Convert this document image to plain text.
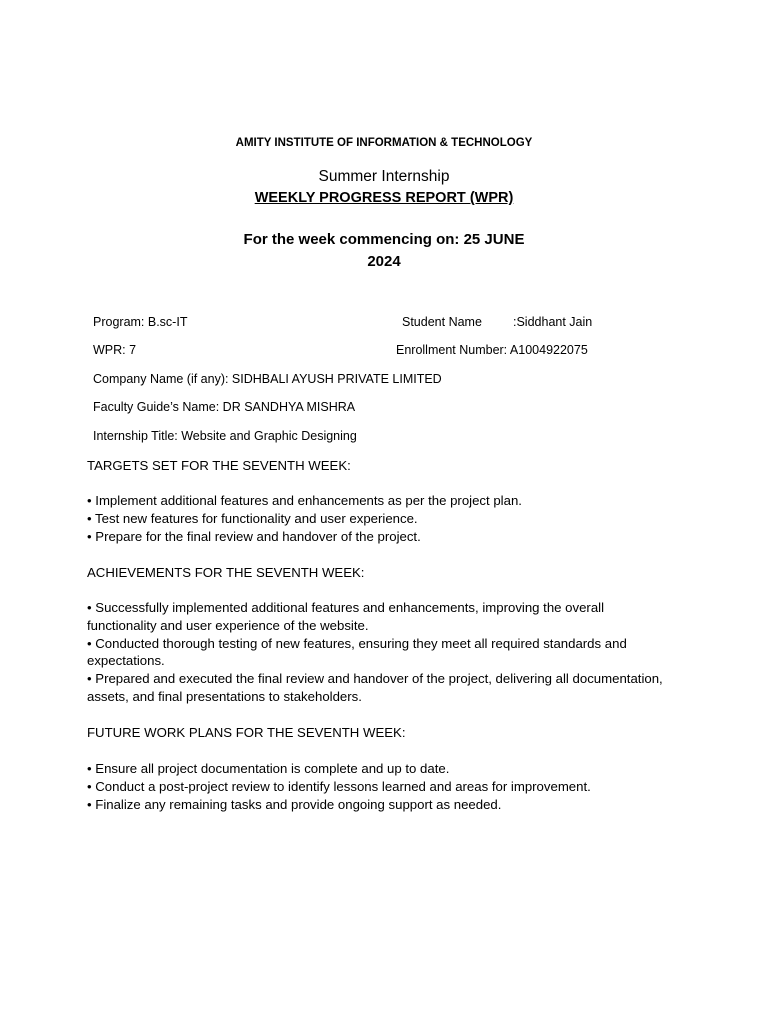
AMITY INSTITUTE OF INFORMATION & TECHNOLOGY
Summer Internship
WEEKLY PROGRESS REPORT (WPR)
For the week commencing on: 25 JUNE
2024
Program: B.sc-IT	Student Name :Siddhant Jain
WPR: 7	Enrollment Number: A1004922075
Company Name (if any): SIDHBALI AYUSH PRIVATE LIMITED
Faculty Guide’s Name: DR SANDHYA MISHRA
Internship Title: Website and Graphic Designing
TARGETS SET FOR THE SEVENTH WEEK:
• Implement additional features and enhancements as per the project plan.
• Test new features for functionality and user experience.
• Prepare for the final review and handover of the project.
ACHIEVEMENTS FOR THE SEVENTH WEEK:
• Successfully implemented additional features and enhancements, improving the overall functionality and user experience of the website.
• Conducted thorough testing of new features, ensuring they meet all required standards and expectations.
• Prepared and executed the final review and handover of the project, delivering all documentation, assets, and final presentations to stakeholders.
FUTURE WORK PLANS FOR THE SEVENTH WEEK:
• Ensure all project documentation is complete and up to date.
• Conduct a post-project review to identify lessons learned and areas for improvement.
• Finalize any remaining tasks and provide ongoing support as needed.
